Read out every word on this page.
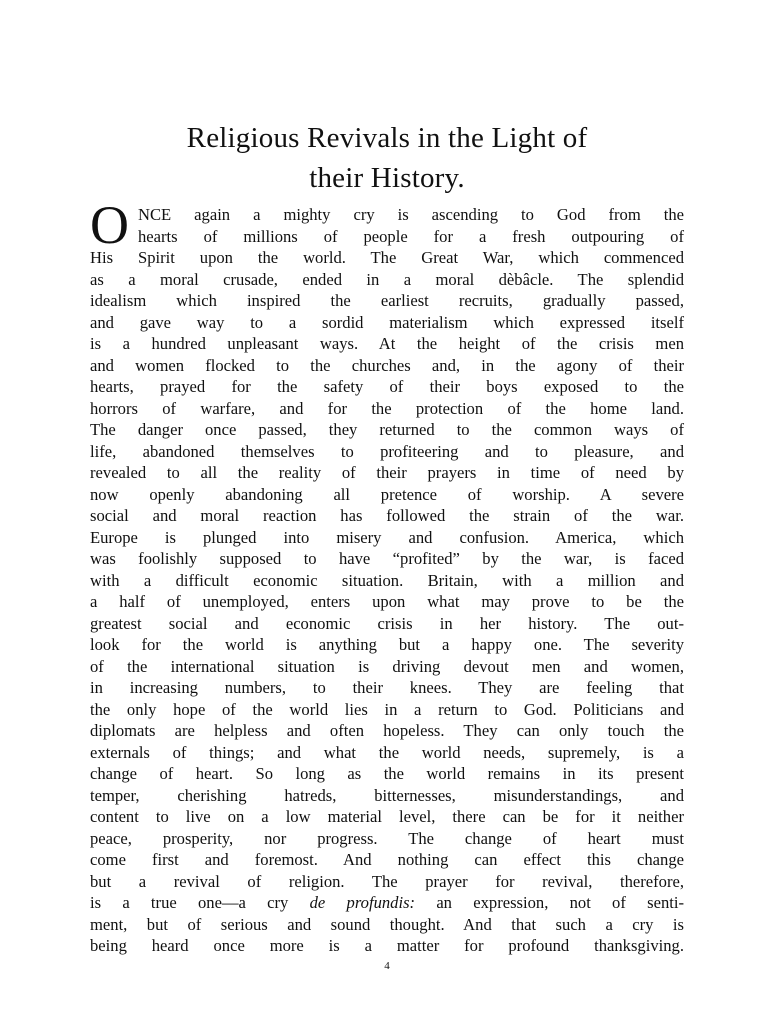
Religious Revivals in the Light of
their History.
O NCE again a mighty cry is ascending to God from the
hearts of millions of people for a fresh outpouring of
His Spirit upon the world. The Great War, which commenced
as a moral crusade, ended in a moral dèbâcle. The splendid
idealism which inspired the earliest recruits, gradually passed,
and gave way to a sordid materialism which expressed itself
is a hundred unpleasant ways. At the height of the crisis men
and women flocked to the churches and, in the agony of their
hearts, prayed for the safety of their boys exposed to the
horrors of warfare, and for the protection of the home land.
The danger once passed, they returned to the common ways of
life, abandoned themselves to profiteering and to pleasure, and
revealed to all the reality of their prayers in time of need by
now openly abandoning all pretence of worship. A severe
social and moral reaction has followed the strain of the war.
Europe is plunged into misery and confusion. America, which
was foolishly supposed to have “profited” by the war, is faced
with a difficult economic situation. Britain, with a million and
a half of unemployed, enters upon what may prove to be the
greatest social and economic crisis in her history. The out-
look for the world is anything but a happy one. The severity
of the international situation is driving devout men and women,
in increasing numbers, to their knees. They are feeling that
the only hope of the world lies in a return to God. Politicians and
diplomats are helpless and often hopeless. They can only touch the
externals of things; and what the world needs, supremely, is a
change of heart. So long as the world remains in its present
temper, cherishing hatreds, bitternesses, misunderstandings, and
content to live on a low material level, there can be for it neither
peace, prosperity, nor progress. The change of heart must
come first and foremost. And nothing can effect this change
but a revival of religion. The prayer for revival, therefore,
is a true one—a cry de profundis: an expression, not of senti-
ment, but of serious and sound thought. And that such a cry is
being heard once more is a matter for profound thanksgiving.
4
